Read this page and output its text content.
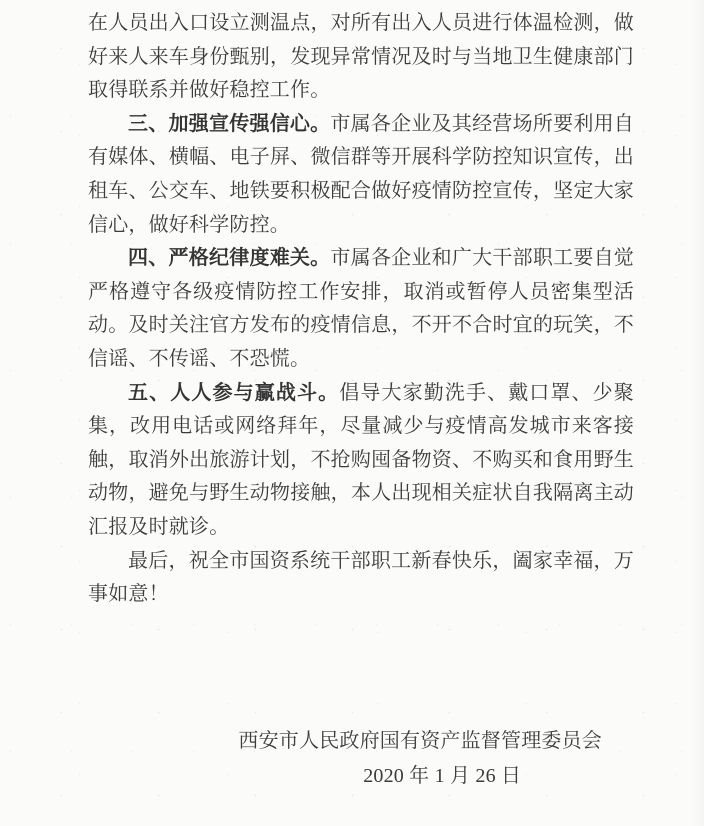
在人员出入口设立测温点，对所有出入人员进行体温检测，做好来人来车身份甄别，发现异常情况及时与当地卫生健康部门取得联系并做好稳控工作。

三、加强宣传强信心。市属各企业及其经营场所要利用自有媒体、横幅、电子屏、微信群等开展科学防控知识宣传，出租车、公交车、地铁要积极配合做好疫情防控宣传，坚定大家信心，做好科学防控。

四、严格纪律度难关。市属各企业和广大干部职工要自觉严格遵守各级疫情防控工作安排，取消或暂停人员密集型活动。及时关注官方发布的疫情信息，不开不合时宜的玩笑，不信谣、不传谣、不恐慌。

五、人人参与赢战斗。倡导大家勤洗手、戴口罩、少聚集，改用电话或网络拜年，尽量减少与疫情高发城市来客接触，取消外出旅游计划，不抢购囤备物资、不购买和食用野生动物，避免与野生动物接触，本人出现相关症状自我隔离主动汇报及时就诊。

最后，祝全市国资系统干部职工新春快乐，阖家幸福，万事如意！

西安市人民政府国有资产监督管理委员会
2020 年 1 月 26 日
